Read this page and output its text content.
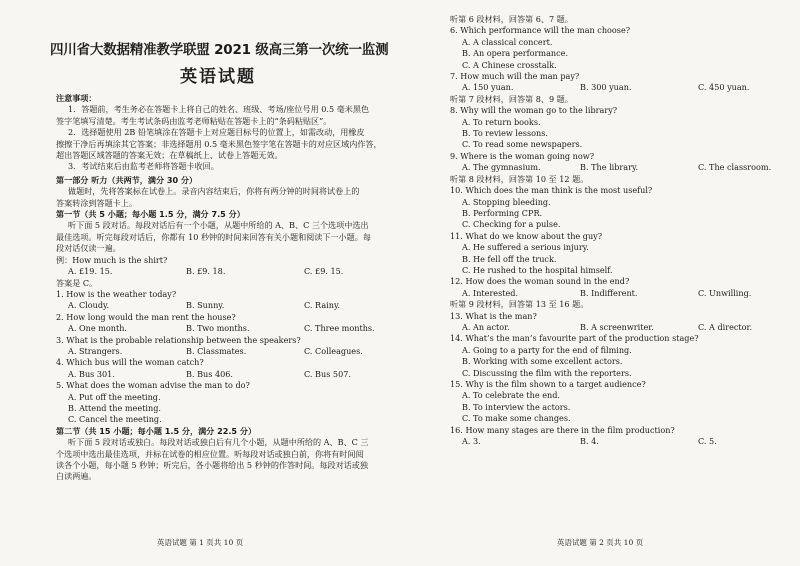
四川省大数据精准教学联盟 2021 级高三第一次统一监测
英语试题
注意事项：
1．答题前，考生务必在答题卡上将自己的姓名、班级、考场/座位号用 0.5 毫米黑色
签字笔填写清楚。考生考试条码由监考老师粘贴在答题卡上的“条码粘贴区”。
2．选择题使用 2B 铅笔填涂在答题卡上对应题目标号的位置上，如需改动，用橡皮
擦擦干净后再填涂其它答案；非选择题用 0.5 毫米黑色签字笔在答题卡的对应区域内作答，
超出答题区域答题的答案无效；在草稿纸上、试卷上答题无效。
3．考试结束后由监考老师将答题卡收回。
第一部分 听力（共两节，满分 30 分）
做题时，先将答案标在试卷上。录音内容结束后，你将有两分钟的时间将试卷上的
答案转涂到答题卡上。
第一节（共 5 小题；每小题 1.5 分，满分 7.5 分）
听下面 5 段对话。每段对话后有一个小题，从题中所给的 A、B、C 三个选项中选出
最佳选项。听完每段对话后，你都有 10 秒钟的时间来回答有关小题和阅读下一小题。每
段对话仅读一遍。
例：How much is the shirt?
A. £19. 15.	B. £9. 18.	C. £9. 15.
答案是 C。
1. How is the weather today?
A. Cloudy.	B. Sunny.	C. Rainy.
2. How long would the man rent the house?
A. One month.	B. Two months.	C. Three months.
3. What is the probable relationship between the speakers?
A. Strangers.	B. Classmates.	C. Colleagues.
4. Which bus will the woman catch?
A. Bus 301.	B. Bus 406.	C. Bus 507.
5. What does the woman advise the man to do?
A. Put off the meeting.
B. Attend the meeting.
C. Cancel the meeting.
第二节（共 15 小题；每小题 1.5 分，满分 22.5 分）
听下面 5 段对话或独白。每段对话或独白后有几个小题，从题中所给的 A、B、C 三
个选项中选出最佳选项，并标在试卷的相应位置。听每段对话或独白前，你将有时间阅
读各个小题，每小题 5 秒钟；听完后，各小题将给出 5 秒钟的作答时间。每段对话或独
白读两遍。
英语试题 第 1 页共 10 页
听第 6 段材料，回答第 6、7 题。
6. Which performance will the man choose?
A. A classical concert.
B. An opera performance.
C. A Chinese crosstalk.
7. How much will the man pay?
A. 150 yuan.	B. 300 yuan.	C. 450 yuan.
听第 7 段材料，回答第 8、9 题。
8. Why will the woman go to the library?
A. To return books.
B. To review lessons.
C. To read some newspapers.
9. Where is the woman going now?
A. The gymnasium.	B. The library.	C. The classroom.
听第 8 段材料，回答第 10 至 12 题。
10. Which does the man think is the most useful?
A. Stopping bleeding.
B. Performing CPR.
C. Checking for a pulse.
11. What do we know about the guy?
A. He suffered a serious injury.
B. He fell off the truck.
C. He rushed to the hospital himself.
12. How does the woman sound in the end?
A. Interested.	B. Indifferent.	C. Unwilling.
听第 9 段材料，回答第 13 至 16 题。
13. What is the man?
A. An actor.	B. A screenwriter.	C. A director.
14. What’s the man’s favourite part of the production stage?
A. Going to a party for the end of filming.
B. Working with some excellent actors.
C. Discussing the film with the reporters.
15. Why is the film shown to a target audience?
A. To celebrate the end.
B. To interview the actors.
C. To make some changes.
16. How many stages are there in the film production?
A. 3.	B. 4.	C. 5.
英语试题 第 2 页共 10 页
